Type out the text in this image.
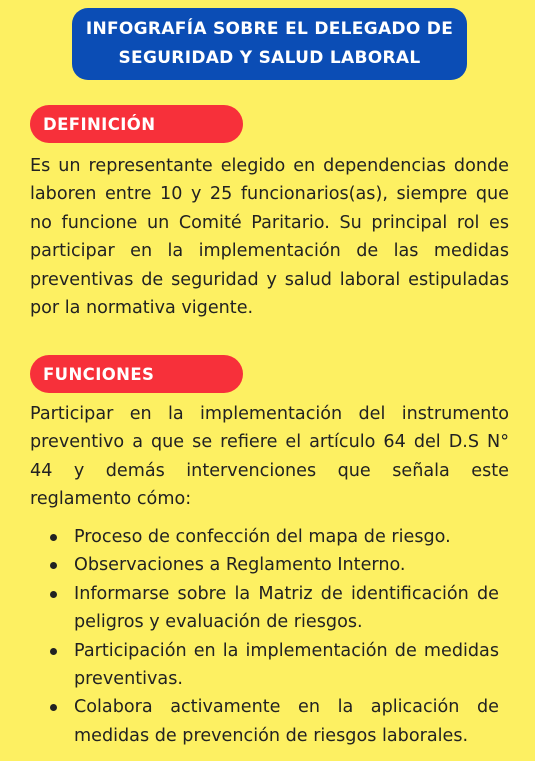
INFOGRAFÍA SOBRE EL DELEGADO DE
SEGURIDAD Y SALUD LABORAL
DEFINICIÓN

Es un representante elegido en dependencias donde laboren entre 10 y 25 funcionarios(as), siempre que no funcione un Comité Paritario. Su principal rol es participar en la implementación de las medidas preventivas de seguridad y salud laboral estipuladas por la normativa vigente.

FUNCIONES

Participar en la implementación del instrumento preventivo a que se refiere el artículo 64 del D.S N° 44 y demás intervenciones que señala este reglamento cómo:

Proceso de confección del mapa de riesgo.
Observaciones a Reglamento Interno.
Informarse sobre la Matriz de identificación de peligros y evaluación de riesgos.
Participación en la implementación de medidas preventivas.
Colabora activamente en la aplicación de medidas de prevención de riesgos laborales.
